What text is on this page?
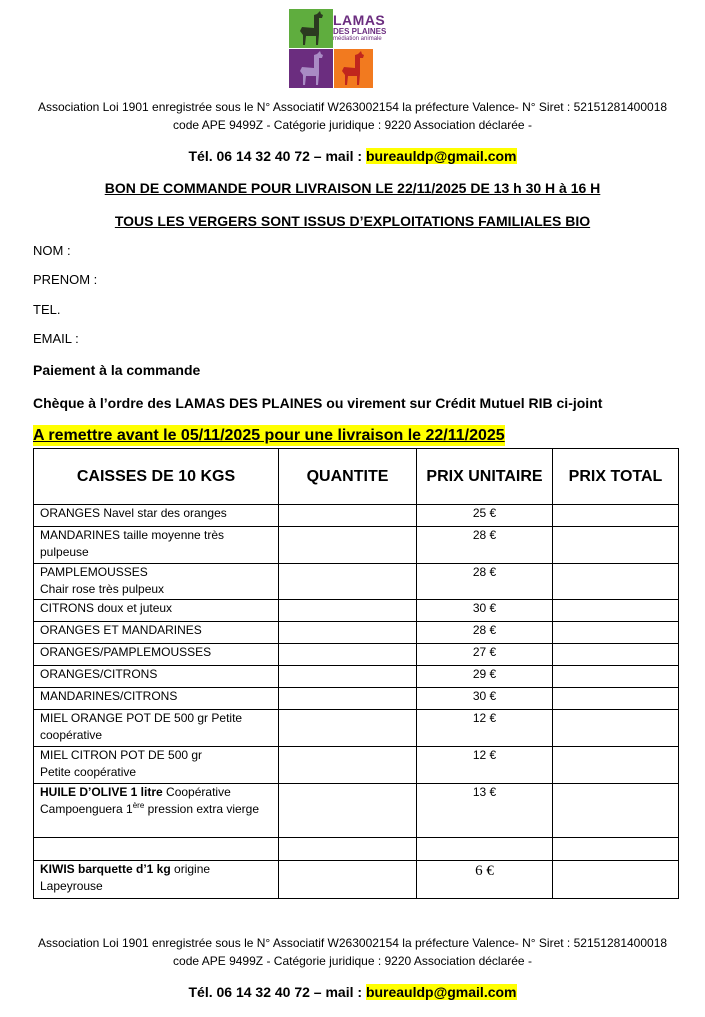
LAMAS
DES PLAINES
médiation animale
Association Loi 1901 enregistrée sous le N° Associatif W263002154 la préfecture Valence- N° Siret : 52151281400018
code APE 9499Z - Catégorie juridique : 9220 Association déclarée -
Tél. 06 14 32 40 72 – mail : bureauldp@gmail.com
BON DE COMMANDE POUR LIVRAISON LE 22/11/2025 DE 13 h 30 H à 16 H
TOUS LES VERGERS SONT ISSUS D’EXPLOITATIONS FAMILIALES BIO
NOM :
PRENOM :
TEL.
EMAIL :
Paiement à la commande
Chèque à l’ordre des LAMAS DES PLAINES ou virement sur Crédit Mutuel RIB ci-joint
A remettre avant le 05/11/2025 pour une livraison le 22/11/2025
CAISSES DE 10 KGS	QUANTITE	PRIX UNITAIRE	PRIX TOTAL
ORANGES Navel star des oranges		25 €	
MANDARINES taille moyenne très pulpeuse		28 €	

PAMPLEMOUSSES
Chair rose très pulpeux		28 €	
CITRONS doux et juteux		30 €	
ORANGES ET MANDARINES		28 €	
ORANGES/PAMPLEMOUSSES		27 €	
ORANGES/CITRONS		29 €	
MANDARINES/CITRONS		30 €	
MIEL ORANGE POT DE 500 gr Petite coopérative		12 €	

MIEL CITRON POT DE 500 gr
Petite coopérative		12 €	
HUILE D’OLIVE 1 litre Coopérative Campoenguera 1ère pression extra vierge		13 €	

KIWIS barquette d’1 kg origine Lapeyrouse		6 €	
Association Loi 1901 enregistrée sous le N° Associatif W263002154 la préfecture Valence- N° Siret : 52151281400018
code APE 9499Z - Catégorie juridique : 9220 Association déclarée -
Tél. 06 14 32 40 72 – mail : bureauldp@gmail.com
